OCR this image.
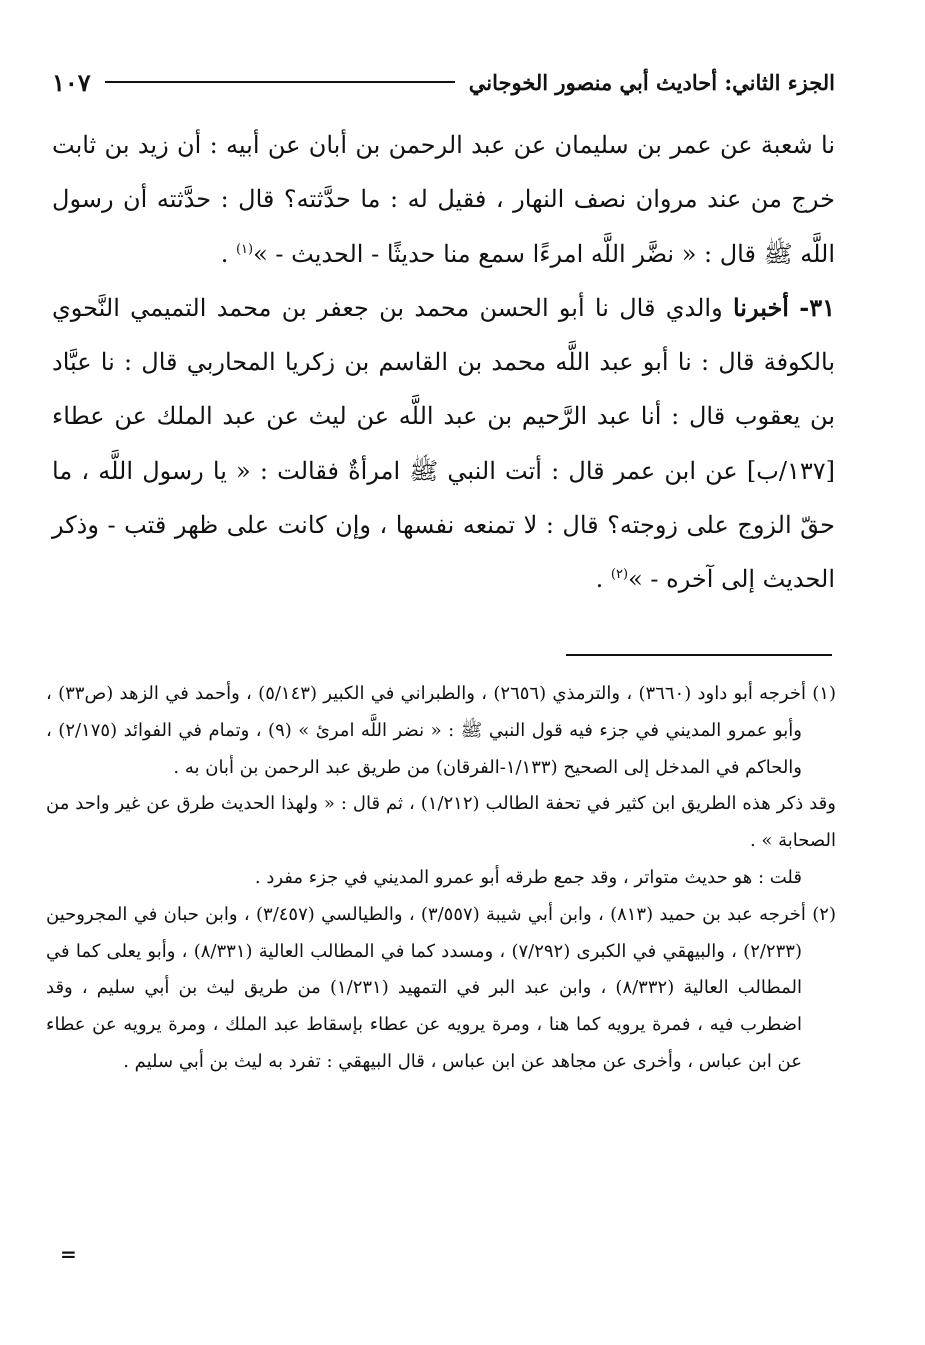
الجزء الثاني: أحاديث أبي منصور الخوجاني
١٠٧

نا شعبة عن عمر بن سليمان عن عبد الرحمن بن أبان عن أبيه : أن زيد بن ثابت خرج من عند مروان نصف النهار ، فقيل له : ما حدَّثته؟ قال : حدَّثته أن رسول اللَّه ﷺ قال : « نضَّر اللَّه امرءًا سمع منا حديثًا - الحديث - »$^{(١)}$ .

٣١- أخبرنا والدي قال نا أبو الحسن محمد بن جعفر بن محمد التميمي النَّحوي بالكوفة قال : نا أبو عبد اللَّه محمد بن القاسم بن زكريا المحاربي قال : نا عبَّاد بن يعقوب قال : أنا عبد الرَّحيم بن عبد اللَّه عن ليث عن عبد الملك عن عطاء [١٣٧/ب] عن ابن عمر قال : أتت النبي ﷺ امرأةٌ فقالت : « يا رسول اللَّه ، ما حقّ الزوج على زوجته؟ قال : لا تمنعه نفسها ، وإن كانت على ظهر قتب - وذكر الحديث إلى آخره - »$^{(٢)}$ .

(١) أخرجه أبو داود (٣٦٦٠) ، والترمذي (٢٦٥٦) ، والطبراني في الكبير (٥/١٤٣) ، وأحمد في الزهد (ص٣٣) ، وأبو عمرو المديني في جزء فيه قول النبي ﷺ : « نضر اللَّه امرئ » (٩) ، وتمام في الفوائد (٢/١٧٥) ، والحاكم في المدخل إلى الصحيح (١/١٣٣-الفرقان) من طريق عبد الرحمن بن أبان به .

وقد ذكر هذه الطريق ابن كثير في تحفة الطالب (١/٢١٢) ، ثم قال : « ولهذا الحديث طرق عن غير واحد من الصحابة » .

قلت : هو حديث متواتر ، وقد جمع طرقه أبو عمرو المديني في جزء مفرد .

(٢) أخرجه عبد بن حميد (٨١٣) ، وابن أبي شيبة (٣/٥٥٧) ، والطيالسي (٣/٤٥٧) ، وابن حبان في المجروحين (٢/٢٣٣) ، والبيهقي في الكبرى (٧/٢٩٢) ، ومسدد كما في المطالب العالية (٨/٣٣١) ، وأبو يعلى كما في المطالب العالية (٨/٣٣٢) ، وابن عبد البر في التمهيد (١/٢٣١) من طريق ليث بن أبي سليم ، وقد اضطرب فيه ، فمرة يرويه كما هنا ، ومرة يرويه عن عطاء بإسقاط عبد الملك ، ومرة يرويه عن عطاء عن ابن عباس ، وأخرى عن مجاهد عن ابن عباس ، قال البيهقي : تفرد به ليث بن أبي سليم .

=
